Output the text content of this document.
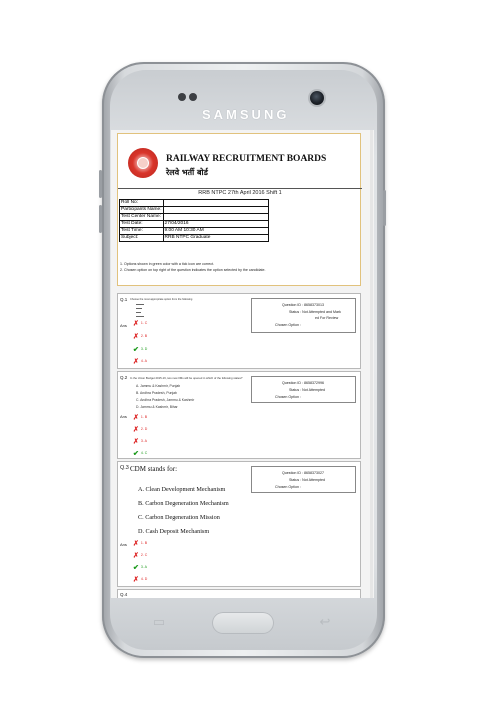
SAMSUNG
RAILWAY RECRUITMENT BOARDS
रेलवे भर्ती बोर्ड
RRB NTPC 27th April 2016 Shift 1
Roll No:	
Participants Name:	
Test Center Name:	
Test Date:	27/04/2016
Test Time:	9:00 AM 10:30 AM
Subject:	RRB NTPC Graduate
1. Options shown in green color with a tick icon are correct.
2. Chosen option on top right of the question indicates the option selected by the candidate.
Q.1 Choose the most appropriate option from the following
Ans ✗ 1. C
✗ 2. B
✔ 3. D
✗ 4. A
Question ID : 8658373013
Status : Not Attempted and Mark
ed For Review
Chosen Option :
Q.2 In the Union Budget 2015-16, two new IIMs will be opened in which of the following states?
A. Jammu & Kashmir, Punjab
B. Andhra Pradesh, Punjab
C. Andhra Pradesh, Jammu & Kashmir
D. Jammu & Kashmir, Bihar
Ans ✗ 1. B
✗ 2. D
✗ 3. A
✔ 4. C
Question ID : 8658372996
Status : Not Attempted
Chosen Option :
Q.3 CDM stands for:
A. Clean Development Mechanism
B. Carbon Degeneration Mechanism
C. Carbon Degeneration Mission
D. Cash Deposit Mechanism
Ans ✗ 1. B
✗ 2. C
✔ 3. A
✗ 4. D
Question ID : 8658373027
Status : Not Attempted
Chosen Option :
Q.4
▭	↩
